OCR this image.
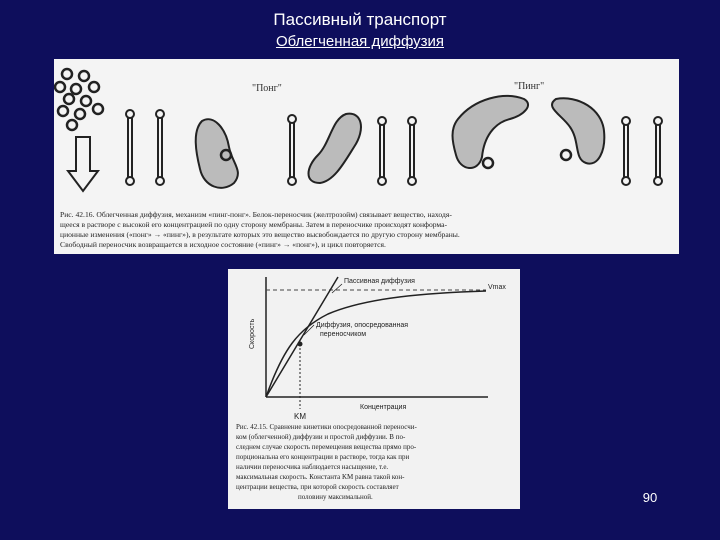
Пассивный транспорт
Облегченная диффузия
"Понг"	"Пинг"
Рис. 42.16. Облегченная диффузия, механизм «пинг-понг». Белок-переносчик (желтрозойм) связывает вещество, находя-
щееся в растворе с высокой его концентрацией по одну сторону мембраны. Затем в переносчике происходят конформа-
ционные изменения («понг» → «пинг»), в результате которых это вещество высвобождается по другую сторону мембраны.
Свободный переносчик возвращается в исходное состояние («пинг» → «понг»), и цикл повторяется.
Пассивная диффузия
Диффузия, опосредованная
переносчиком
Vmax
KM
Скорость
Концентрация
Рис. 42.15. Сравнение кинетики опосредованной переносчи-
ком (облегченной) диффузии и простой диффузии. В по-
следнем случае скорость перемещения вещества прямо про-
порциональна его концентрации в растворе, тогда как при
наличии переносчика наблюдается насыщение, т.е.
максимальная скорость. Константа KM равна такой кон-
центрации вещества, при которой скорость составляет
половину максимальной.	90
